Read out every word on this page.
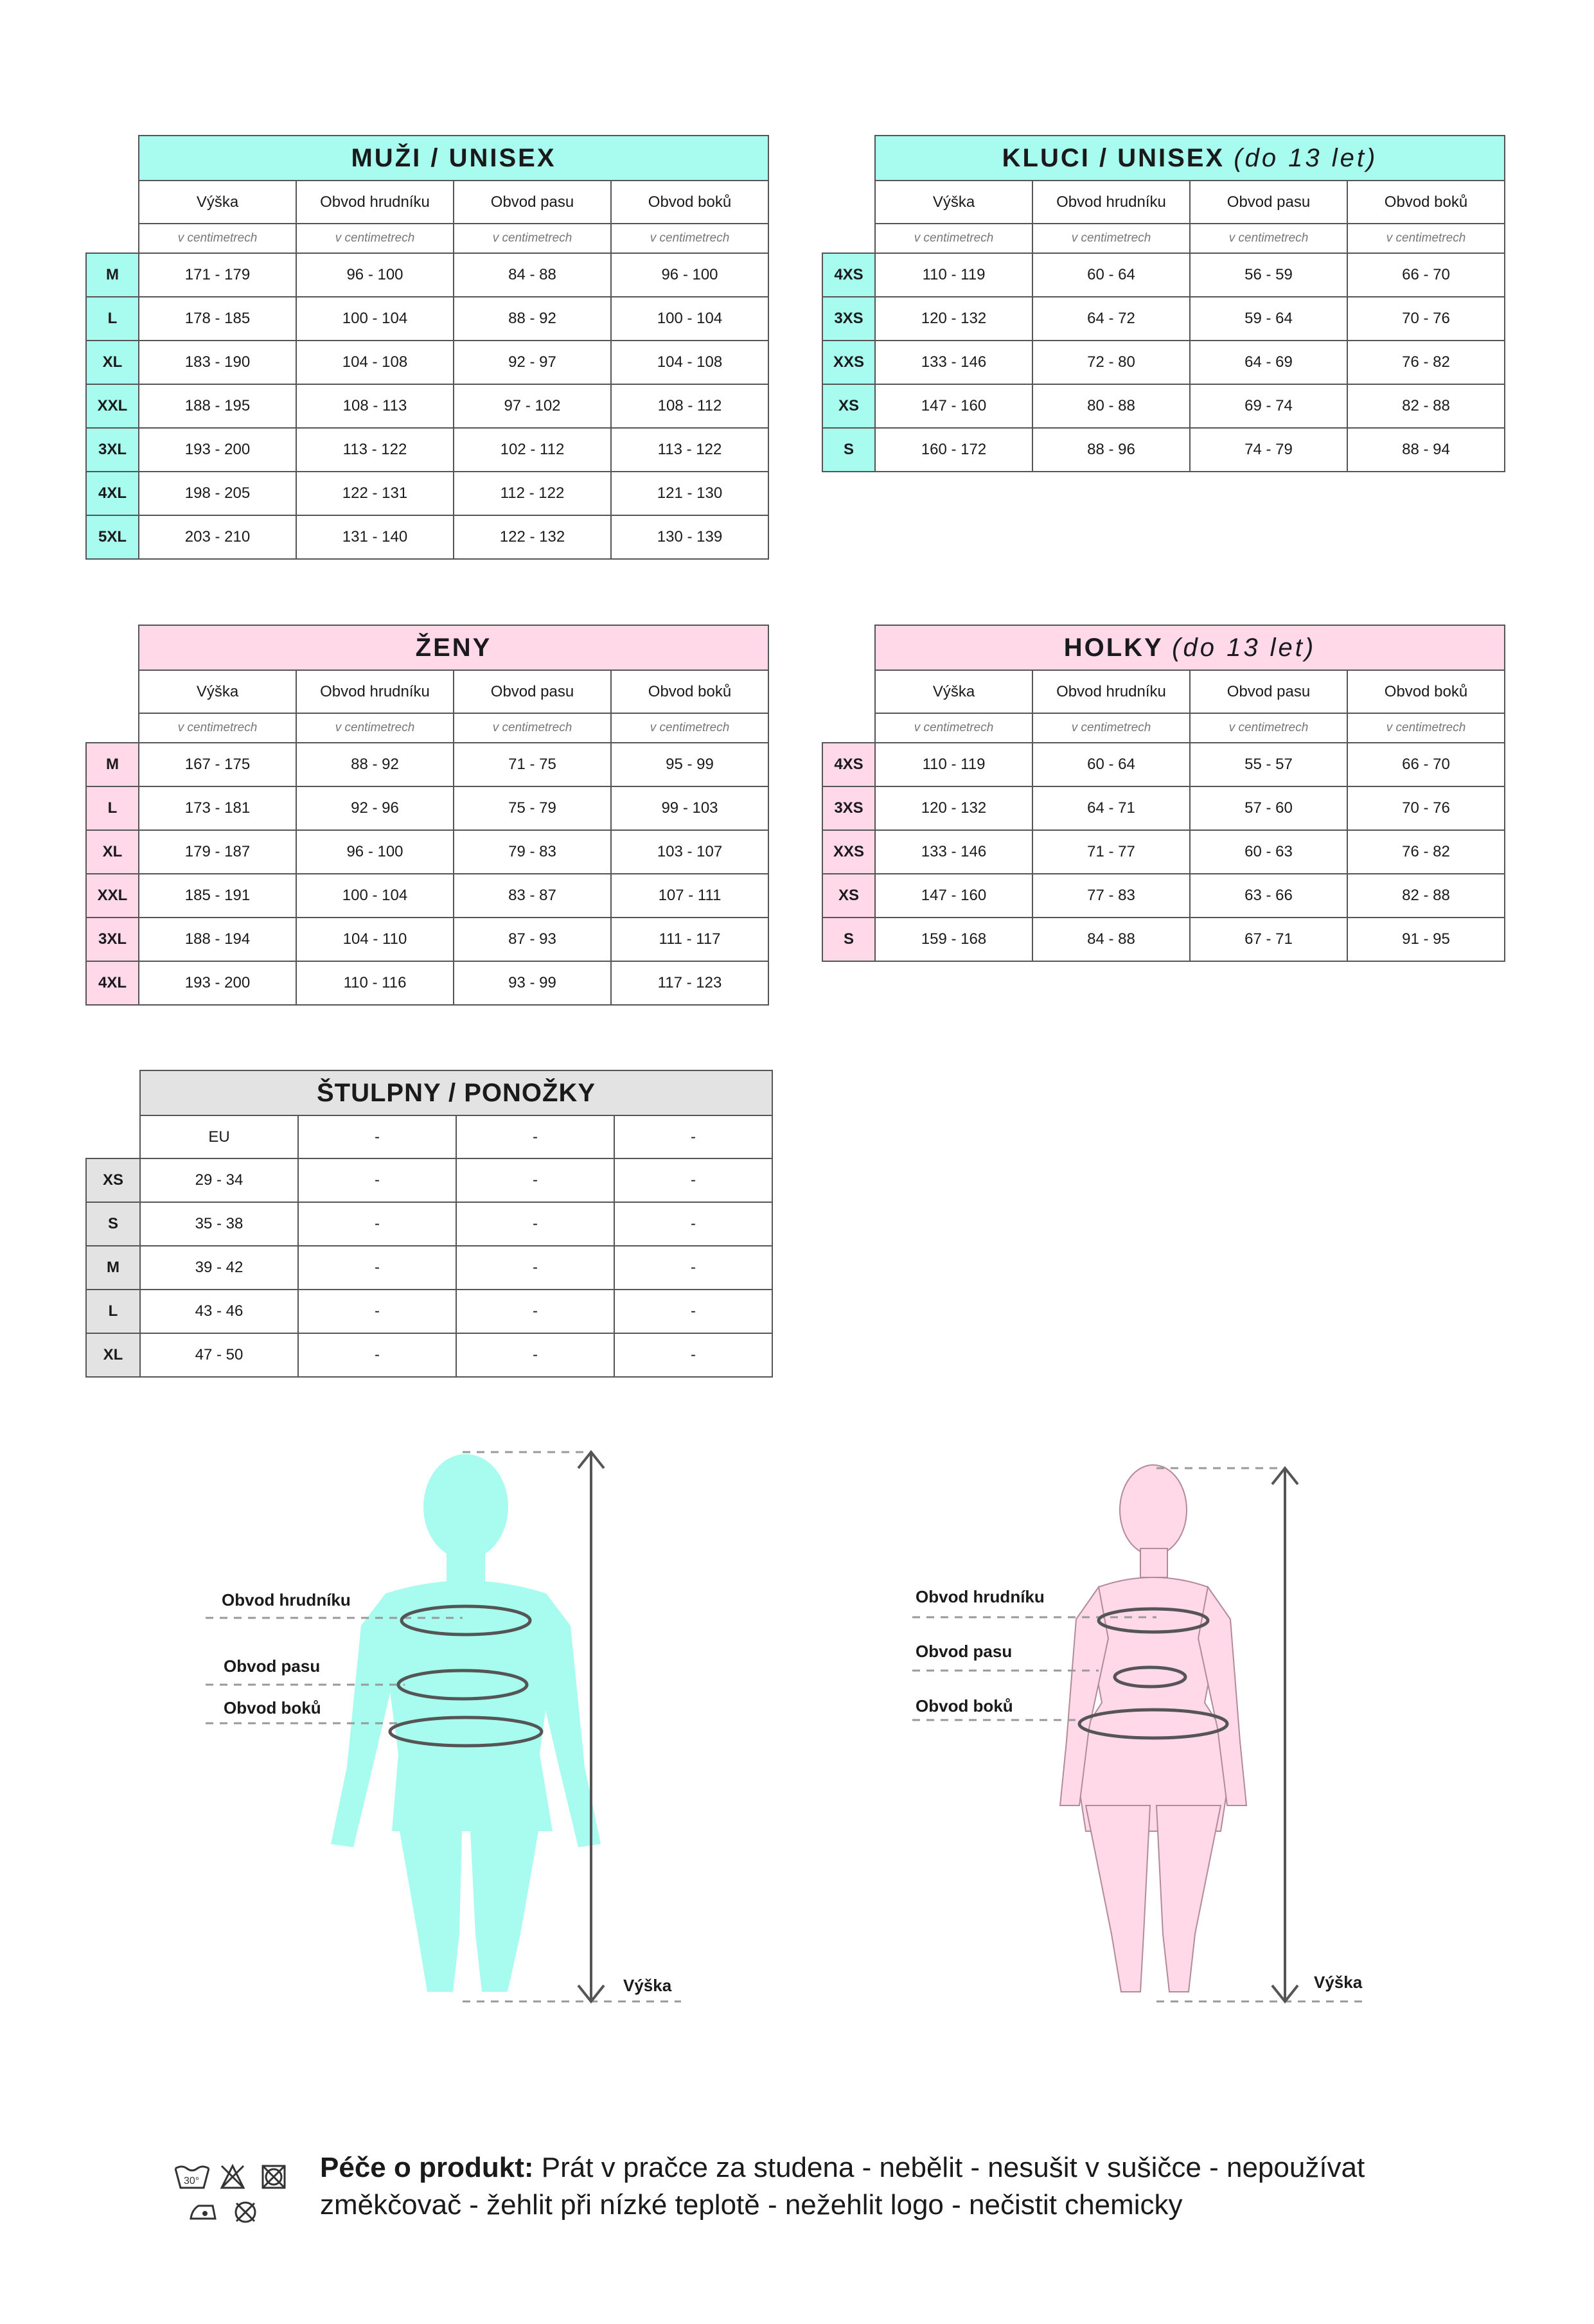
	MUŽI / UNISEX			
	Výška	Obvod hrudníku	Obvod pasu	Obvod boků
	v centimetrech	v centimetrech	v centimetrech	v centimetrech
M	171 - 179	96 - 100	84 - 88	96 - 100
L	178 - 185	100 - 104	88 - 92	100 - 104
XL	183 - 190	104 - 108	92 - 97	104 - 108
XXL	188 - 195	108 - 113	97 - 102	108 - 112
3XL	193 - 200	113 - 122	102 - 112	113 - 122
4XL	198 - 205	122 - 131	112 - 122	121 - 130
5XL	203 - 210	131 - 140	122 - 132	130 - 139
	KLUCI / UNISEX (do 13 let)			
	Výška	Obvod hrudníku	Obvod pasu	Obvod boků
	v centimetrech	v centimetrech	v centimetrech	v centimetrech
4XS	110 - 119	60 - 64	56 - 59	66 - 70
3XS	120 - 132	64 - 72	59 - 64	70 - 76
XXS	133 - 146	72 - 80	64 - 69	76 - 82
XS	147 - 160	80 - 88	69 - 74	82 - 88
S	160 - 172	88 - 96	74 - 79	88 - 94
	ŽENY			
	Výška	Obvod hrudníku	Obvod pasu	Obvod boků
	v centimetrech	v centimetrech	v centimetrech	v centimetrech
M	167 - 175	88 - 92	71 - 75	95 - 99
L	173 - 181	92 - 96	75 - 79	99 - 103
XL	179 - 187	96 - 100	79 - 83	103 - 107
XXL	185 - 191	100 - 104	83 - 87	107 - 111
3XL	188 - 194	104 - 110	87 - 93	111 - 117
4XL	193 - 200	110 - 116	93 - 99	117 - 123
	HOLKY (do 13 let)			
	Výška	Obvod hrudníku	Obvod pasu	Obvod boků
	v centimetrech	v centimetrech	v centimetrech	v centimetrech
4XS	110 - 119	60 - 64	55 - 57	66 - 70
3XS	120 - 132	64 - 71	57 - 60	70 - 76
XXS	133 - 146	71 - 77	60 - 63	76 - 82
XS	147 - 160	77 - 83	63 - 66	82 - 88
S	159 - 168	84 - 88	67 - 71	91 - 95
	ŠTULPNY / PONOŽKY			
	EU	-	-	-
XS	29 - 34	-	-	-
S	35 - 38	-	-	-
M	39 - 42	-	-	-
L	43 - 46	-	-	-
XL	47 - 50	-	-	-
Obvod hrudníku
Obvod pasu
Obvod boků
Výška
Obvod hrudníku
Obvod pasu
Obvod boků
Výška
30°	Péče o produkt: Prát v pračce za studena - nebělit - nesušit v sušičce - nepoužívat
změkčovač - žehlit při nízké teplotě - nežehlit logo - nečistit chemicky
